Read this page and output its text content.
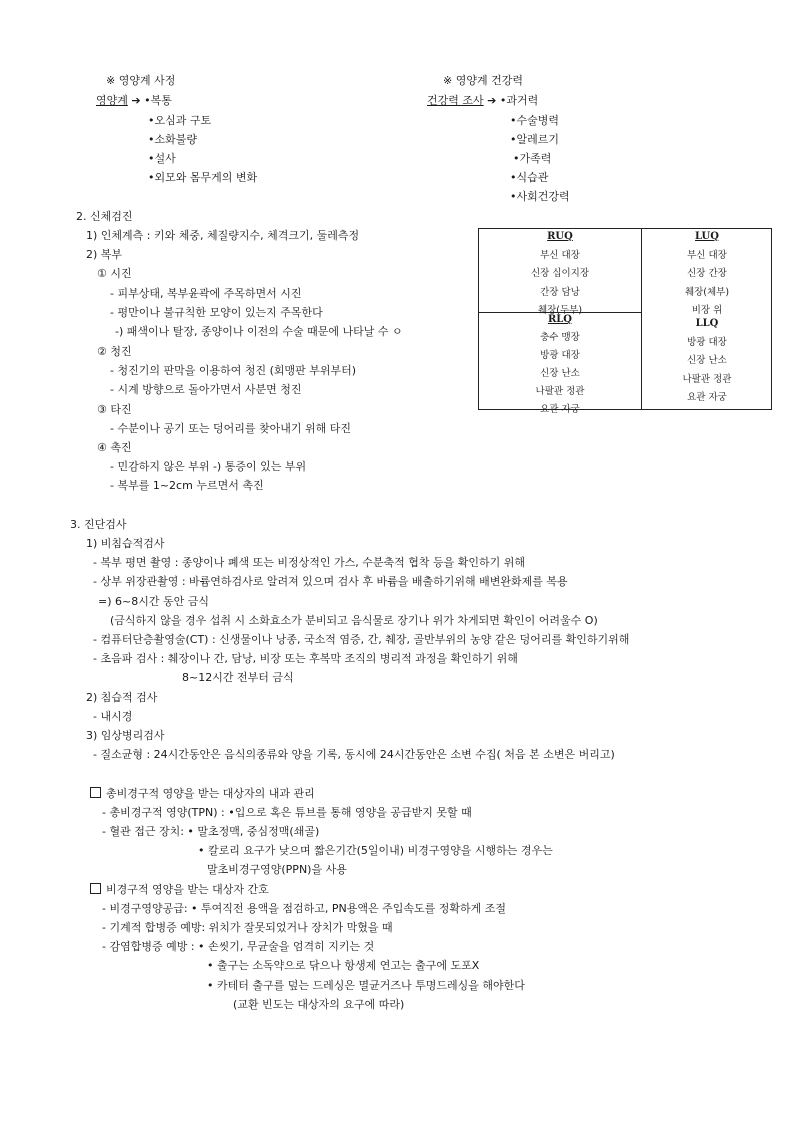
※ 영양계 사정
영양계 ➔ •복통
•오심과 구토
•소화불량
•설사
•외모와 몸무게의 변화
※ 영양계 건강력
건강력 조사 ➔ •과거력
•수술병력
•알레르기
•가족력
•식습관
•사회건강력
2. 신체검진
1) 인체계측 : 키와 체중, 체질량지수, 체격크기, 둘레측정
2) 복부
① 시진
- 피부상태, 복부윤곽에 주목하면서 시진
- 평만이나 불규칙한 모양이 있는지 주목한다
-) 패색이나 탈장, 종양이나 이전의 수술 때문에 나타날 수 ㅇ
② 청진
- 청진기의 판막을 이용하여 청진 (회맹판 부위부터)
- 시계 방향으로 돌아가면서 사분면 청진
③ 타진
- 수분이나 공기 또는 덩어리를 찾아내기 위해 타진
④ 촉진
- 민감하지 않은 부위 -) 통증이 있는 부위
- 복부를 1~2cm 누르면서 촉진
RUQ
부신 대장
신장 십이지장
간장 담낭
췌장(두부)
LUQ
부신 대장
신장 간장
췌장(체부)
비장 위
RLQ
충수 맹장
방광 대장
신장 난소
나팔관 정관
요관 자궁
LLQ
방광 대장
신장 난소
나팔관 정관
요관 자궁
3. 진단검사
1) 비침습적검사
- 복부 평면 촬영 : 종양이나 폐색 또는 비정상적인 가스, 수분축적 협착 등을 확인하기 위해
- 상부 위장관촬영 : 바륨연하검사로 알려져 있으며 검사 후 바륨을 배출하기위해 배변완화제를 복용
=) 6~8시간 동안 금식
(금식하지 않을 경우 섭취 시 소화효소가 분비되고 음식물로 장기나 위가 차게되면 확인이 어려울수 O)
- 컴퓨터단층촬영술(CT) : 신생물이나 낭종, 국소적 염증, 간, 췌장, 골반부위의 농양 같은 덩어리를 확인하기위해
- 초음파 검사 : 췌장이나 간, 담낭, 비장 또는 후복막 조직의 병리적 과정을 확인하기 위해
8~12시간 전부터 금식
2) 침습적 검사
- 내시경
3) 임상병리검사
- 질소균형 : 24시간동안은 음식의종류와 양을 기록, 동시에 24시간동안은 소변 수집( 처음 본 소변은 버리고)
총비경구적 영양을 받는 대상자의 내과 관리
- 총비경구적 영양(TPN) : •입으로 혹은 튜브를 통해 영양을 공급받지 못할 때
- 혈관 접근 장치: • 말초정맥, 중심정맥(쇄골)
• 칼로리 요구가 낮으며 짧은기간(5일이내) 비경구영양을 시행하는 경우는
말초비경구영양(PPN)을 사용
비경구적 영양을 받는 대상자 간호
- 비경구영양공급: • 투여직전 용액을 점검하고, PN용액은 주입속도를 정확하게 조절
- 기계적 합병증 예방: 위치가 잘못되었거나 장치가 막혔을 때
- 감염합병증 예방 : • 손씻기, 무균술을 엄격히 지키는 것
• 출구는 소독약으로 닦으나 항생제 연고는 출구에 도포X
• 카테터 출구를 덮는 드레싱은 멸균거즈나 투명드레싱을 해야한다
(교환 빈도는 대상자의 요구에 따라)
